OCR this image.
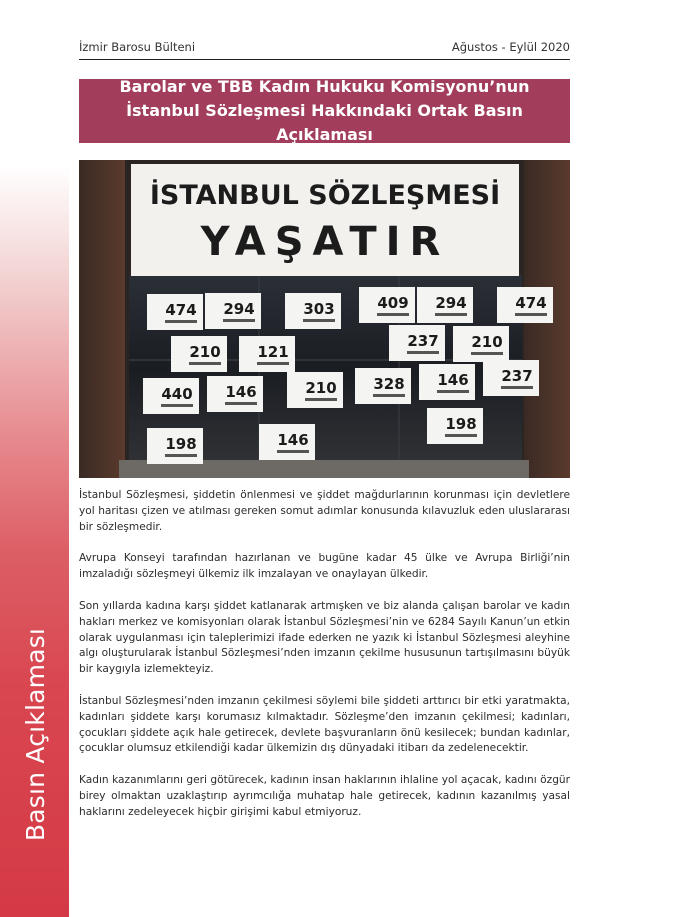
Basın Açıklaması
İzmir Barosu Bülteni	Ağustos - Eylül 2020
Barolar ve TBB Kadın Hukuku Komisyonu’nun
İstanbul Sözleşmesi Hakkındaki Ortak Basın Açıklaması
İSTANBUL SÖZLEŞMESİ
YAŞATIR
474 294	303	409 294	474
210 121
237 210
440 146	210 328 146 237
198	146
198

İstanbul Sözleşmesi, şiddetin önlenmesi ve şiddet mağdurlarının korunması için devletlere yol haritası çizen ve atılması gereken somut adımlar konusunda kılavuzluk eden uluslararası bir sözleşmedir.

Avrupa Konseyi tarafından hazırlanan ve bugüne kadar 45 ülke ve Avrupa Birliği’nin imzaladığı sözleşmeyi ülkemiz ilk imzalayan ve onaylayan ülkedir.

Son yıllarda kadına karşı şiddet katlanarak artmışken ve biz alanda çalışan barolar ve kadın hakları merkez ve komisyonları olarak İstanbul Sözleşmesi’nin ve 6284 Sayılı Kanun’un etkin olarak uygulanması için taleplerimizi ifade ederken ne yazık ki İstanbul Sözleşmesi aleyhine algı oluşturularak İstanbul Sözleşmesi’nden imzanın çekilme hususunun tartışılmasını büyük bir kaygıyla izlemekteyiz.

İstanbul Sözleşmesi’nden imzanın çekilmesi söylemi bile şiddeti arttırıcı bir etki yaratmakta, kadınları şiddete karşı korumasız kılmaktadır. Sözleşme’den imzanın çekilmesi; kadınları, çocukları şiddete açık hale getirecek, devlete başvuranların önü kesilecek; bundan kadınlar, çocuklar olumsuz etkilendiği kadar ülkemizin dış dünyadaki itibarı da zedelenecektir.

Kadın kazanımlarını geri götürecek, kadının insan haklarının ihlaline yol açacak, kadını özgür birey olmaktan uzaklaştırıp ayrımcılığa muhatap hale getirecek, kadının kazanılmış yasal haklarını zedeleyecek hiçbir girişimi kabul etmiyoruz.
